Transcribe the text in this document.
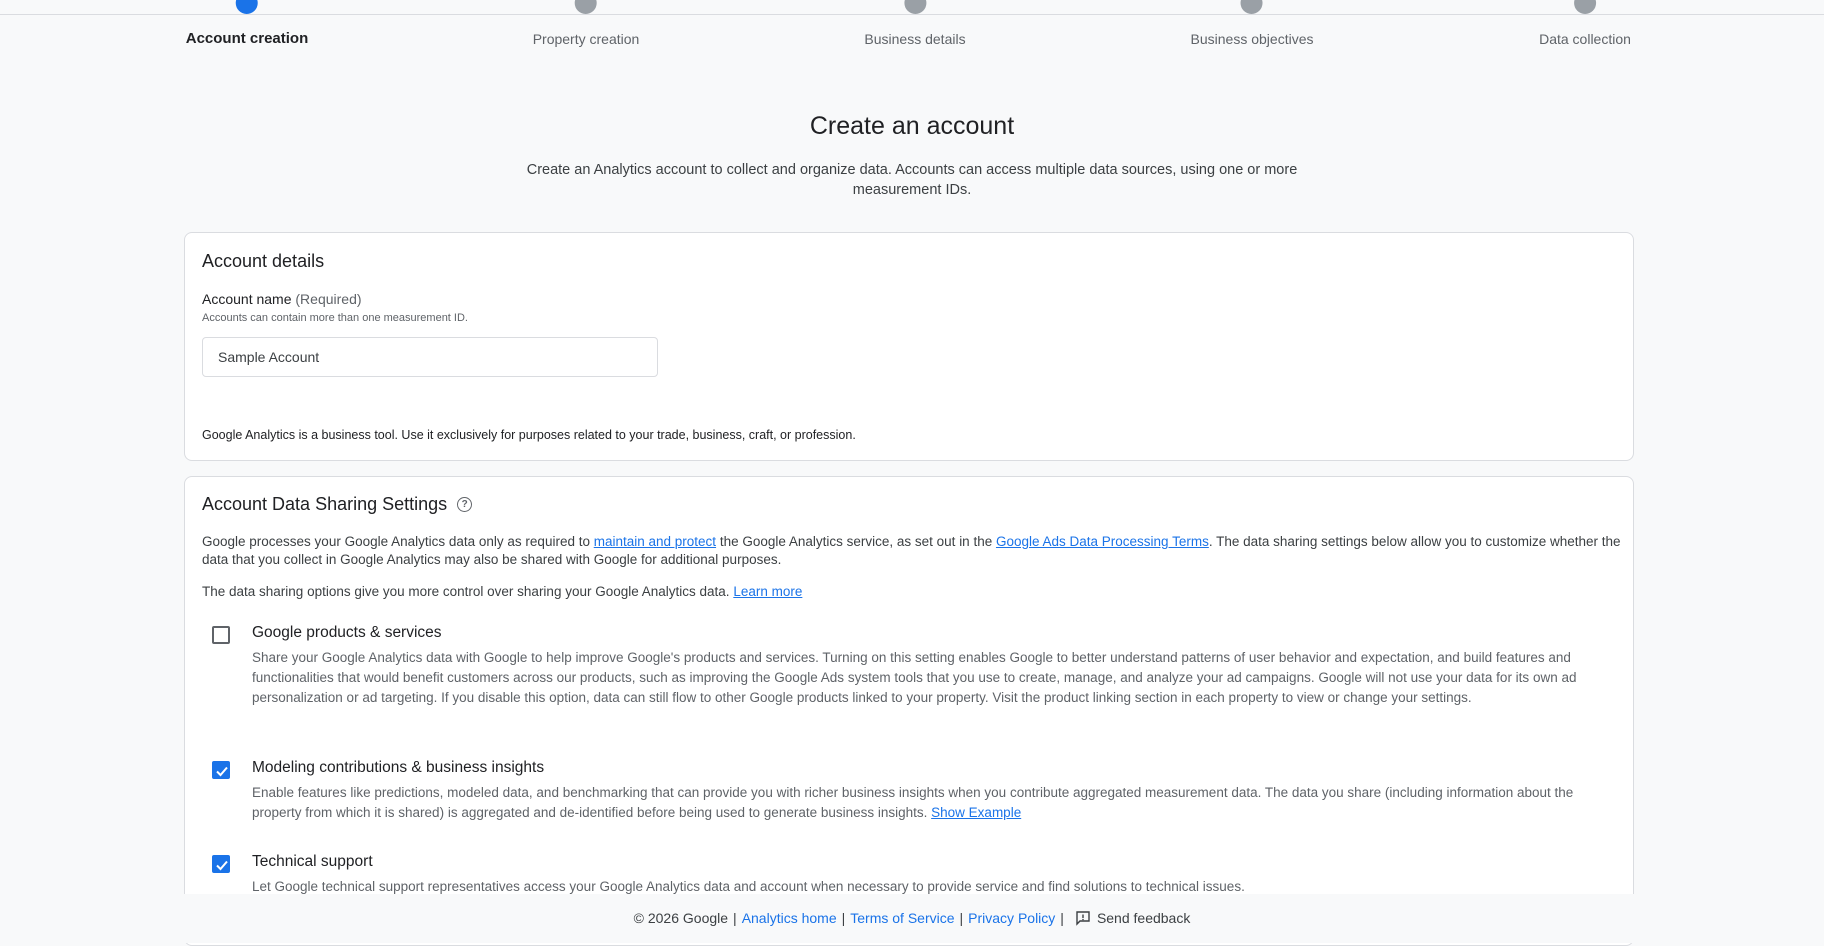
Account creation	Property creation	Business details	Business objectives	Data collection
Create an account
Create an Analytics account to collect and organize data. Accounts can access multiple data sources, using one or more measurement IDs.
Account details
Account name (Required)
Accounts can contain more than one measurement ID.
Sample Account
Google Analytics is a business tool. Use it exclusively for purposes related to your trade, business, craft, or profession.
Account Data Sharing Settings	?
Google processes your Google Analytics data only as required to maintain and protect the Google Analytics service, as set out in the Google Ads Data Processing Terms. The data sharing settings below allow you to customize whether the data that you collect in Google Analytics may also be shared with Google for additional purposes.
The data sharing options give you more control over sharing your Google Analytics data. Learn more
Google products & services
Share your Google Analytics data with Google to help improve Google's products and services. Turning on this setting enables Google to better understand patterns of user behavior and expectation, and build features and functionalities that would benefit customers across our products, such as improving the Google Ads system tools that you use to create, manage, and analyze your ad campaigns. Google will not use your data for its own ad personalization or ad targeting. If you disable this option, data can still flow to other Google products linked to your property. Visit the product linking section in each property to view or change your settings.
Modeling contributions & business insights
Enable features like predictions, modeled data, and benchmarking that can provide you with richer business insights when you contribute aggregated measurement data. The data you share (including information about the property from which it is shared) is aggregated and de-identified before being used to generate business insights. Show Example
Technical support
Let Google technical support representatives access your Google Analytics data and account when necessary to provide service and find solutions to technical issues.
© 2026 Google | Analytics home | Terms of Service | Privacy Policy | Send feedback
